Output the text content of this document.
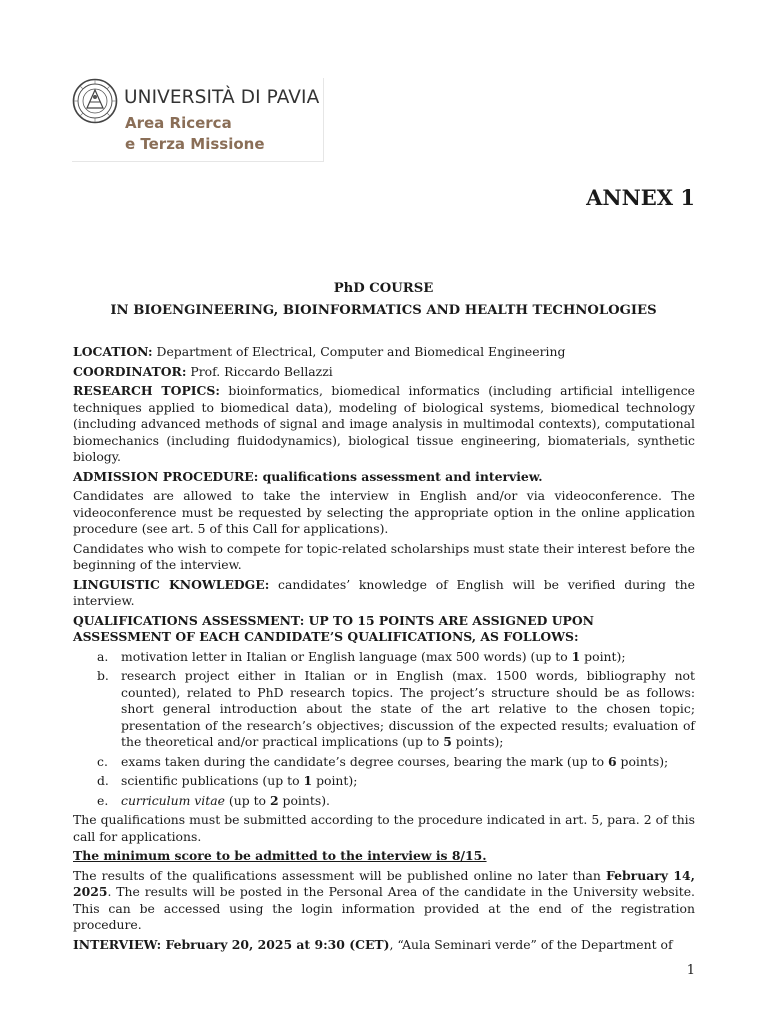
UNIVERSITÀ DI PAVIA

Area Ricerca

e Terza Missione

ANNEX 1
PhD COURSE
IN BIOENGINEERING, BIOINFORMATICS AND HEALTH TECHNOLOGIES

LOCATION: Department of Electrical, Computer and Biomedical Engineering

COORDINATOR: Prof. Riccardo Bellazzi

RESEARCH TOPICS: bioinformatics, biomedical informatics (including artificial intelligence techniques applied to biomedical data), modeling of biological systems, biomedical technology (including advanced methods of signal and image analysis in multimodal contexts), computational biomechanics (including fluidodynamics), biological tissue engineering, biomaterials, synthetic biology.

ADMISSION PROCEDURE: qualifications assessment and interview.

Candidates are allowed to take the interview in English and/or via videoconference. The videoconference must be requested by selecting the appropriate option in the online application procedure (see art. 5 of this Call for applications).

Candidates who wish to compete for topic-related scholarships must state their interest before the beginning of the interview.

LINGUISTIC KNOWLEDGE: candidates’ knowledge of English will be verified during the interview.

QUALIFICATIONS ASSESSMENT: UP TO 15 POINTS ARE ASSIGNED UPON ASSESSMENT OF EACH CANDIDATE’S QUALIFICATIONS, AS FOLLOWS:

a.	motivation letter in Italian or English language (max 500 words) (up to 1 point);
b. research project either in Italian or in English (max. 1500 words, bibliography not counted), related to PhD research topics. The project’s structure should be as follows: short general introduction about the state of the art relative to the chosen topic; presentation of the research’s objectives; discussion of the expected results; evaluation of the theoretical and/or practical implications (up to 5 points);
c.	exams taken during the candidate’s degree courses, bearing the mark (up to 6 points);
d. scientific publications (up to 1 point);
e.	curriculum vitae (up to 2 points).

The qualifications must be submitted according to the procedure indicated in art. 5, para. 2 of this call for applications.

The minimum score to be admitted to the interview is 8/15.

The results of the qualifications assessment will be published online no later than February 14, 2025. The results will be posted in the Personal Area of the candidate in the University website. This can be accessed using the login information provided at the end of the registration procedure.

INTERVIEW: February 20, 2025 at 9:30 (CET), “Aula Seminari verde” of the Department of

1
